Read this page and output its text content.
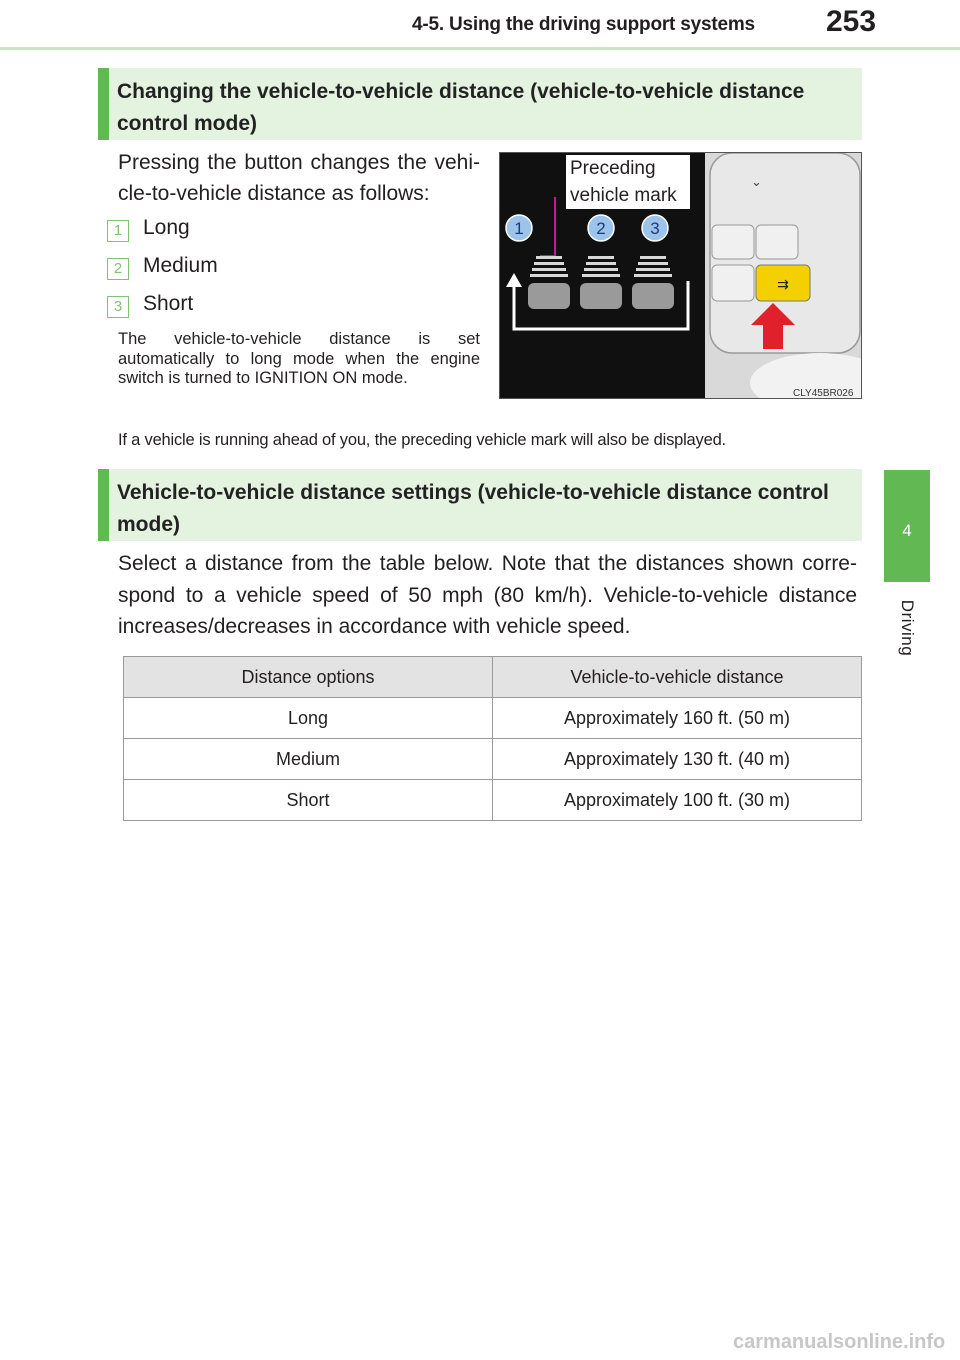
4-5. Using the driving support systems 253
4
Driving
Changing the vehicle-to-vehicle distance (vehicle-to-vehicle distance control mode)
Pressing the button changes the vehicle-to-vehicle distance as follows:
1 Long
2 Medium
3 Short
The vehicle-to-vehicle distance is set automatically to long mode when the engine switch is turned to IGNITION ON mode.
1	2	3
⌄
⇉
CLY45BR026
Preceding vehicle mark
If a vehicle is running ahead of you, the preceding vehicle mark will also be displayed.
Vehicle-to-vehicle distance settings (vehicle-to-vehicle distance control mode)
Select a distance from the table below. Note that the distances shown correspond to a vehicle speed of 50 mph (80 km/h). Vehicle-to-vehicle distance increases/decreases in accordance with vehicle speed.
Distance options	Vehicle-to-vehicle distance
Long	Approximately 160 ft. (50 m)
Medium	Approximately 130 ft. (40 m)
Short	Approximately 100 ft. (30 m)
carmanualsonline.info
